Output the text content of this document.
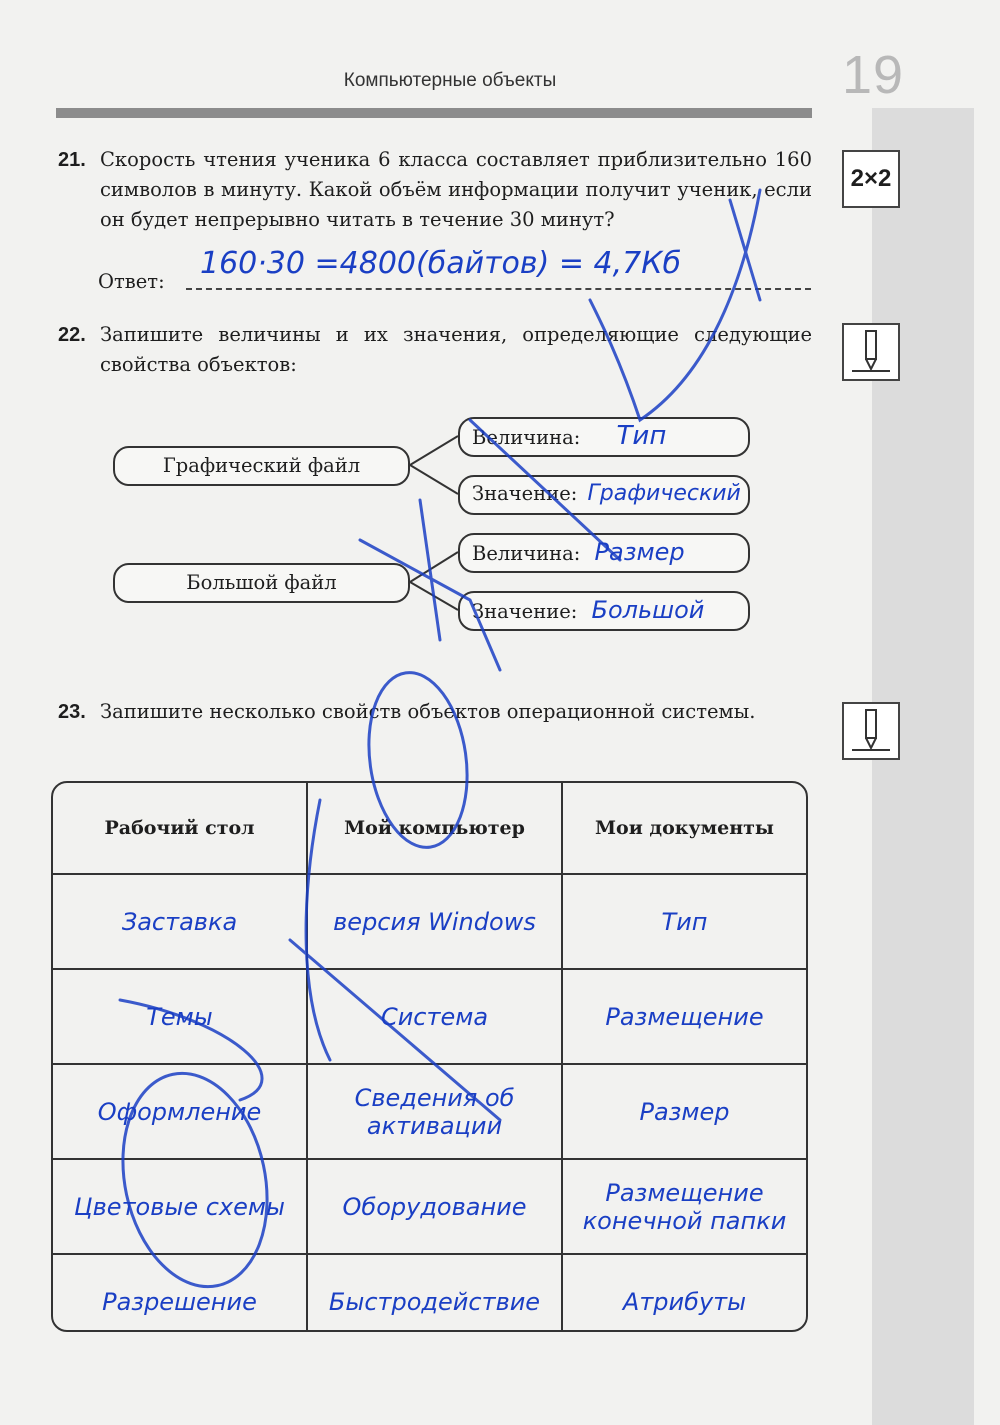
Компьютерные объекты	19
2×2
21. Скорость чтения ученика 6 класса составляет приблизительно 160 символов в минуту. Какой объём информации получит ученик, если он будет непрерывно читать в течение 30 минут?
Ответ:
160·30 =4800(байтов) = 4,7Кб
22. Запишите величины и их значения, определяющие следующие свойства объектов:
Графический файл
Величина: Тип
Значение: Графический
Большой файл
Величина: Размер
Значение: Большой
23. Запишите несколько свойств объектов операционной системы.
Рабочий стол	Мой компьютер	Мои документы
Заставка	версия Windows	Тип
Темы	Система	Размещение
Оформление	Сведения об активации	Размер
Цветовые схемы	Оборудование	Размещение конечной папки
Разрешение	Быстродействие	Атрибуты
